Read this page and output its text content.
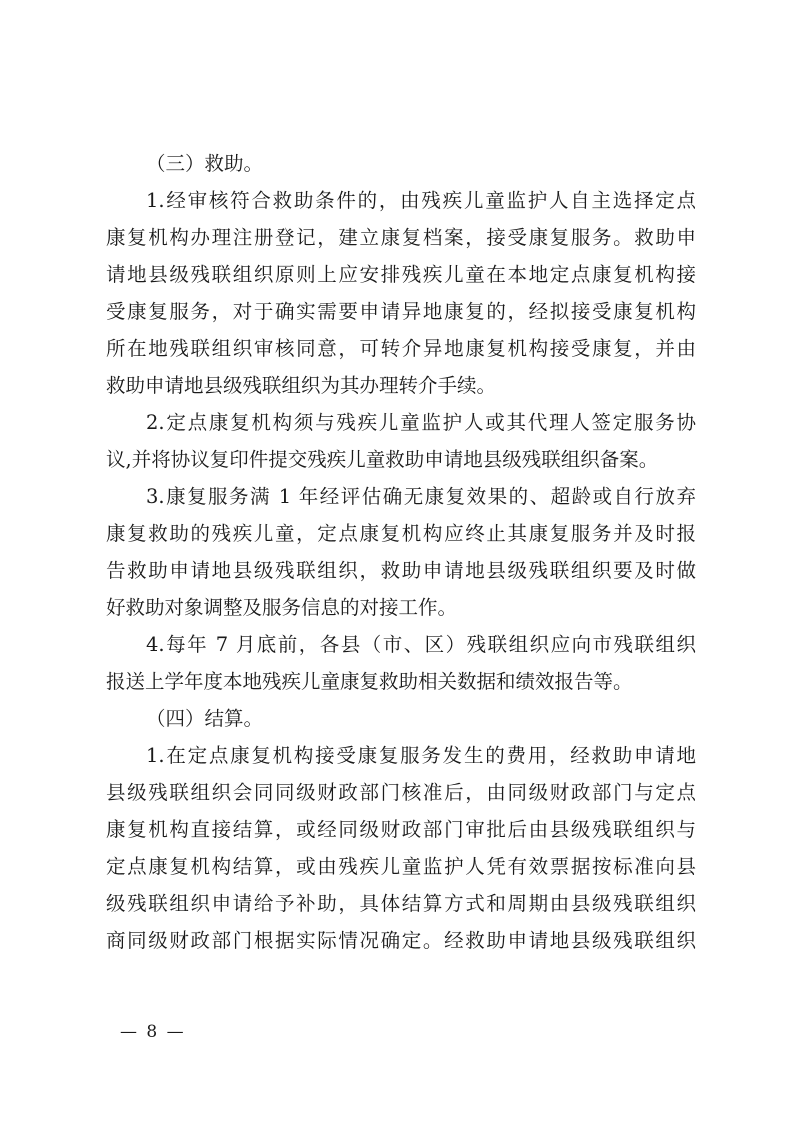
（三）救助。
1.经审核符合救助条件的，由残疾儿童监护人自主选择定点
康复机构办理注册登记，建立康复档案，接受康复服务。救助申
请地县级残联组织原则上应安排残疾儿童在本地定点康复机构接
受康复服务，对于确实需要申请异地康复的，经拟接受康复机构
所在地残联组织审核同意，可转介异地康复机构接受康复，并由
救助申请地县级残联组织为其办理转介手续。
2.定点康复机构须与残疾儿童监护人或其代理人签定服务协
议,并将协议复印件提交残疾儿童救助申请地县级残联组织备案。
3.康复服务满 1 年经评估确无康复效果的、超龄或自行放弃
康复救助的残疾儿童，定点康复机构应终止其康复服务并及时报
告救助申请地县级残联组织，救助申请地县级残联组织要及时做
好救助对象调整及服务信息的对接工作。
4.每年 7 月底前，各县（市、区）残联组织应向市残联组织
报送上学年度本地残疾儿童康复救助相关数据和绩效报告等。
（四）结算。
1.在定点康复机构接受康复服务发生的费用，经救助申请地
县级残联组织会同同级财政部门核准后，由同级财政部门与定点
康复机构直接结算，或经同级财政部门审批后由县级残联组织与
定点康复机构结算，或由残疾儿童监护人凭有效票据按标准向县
级残联组织申请给予补助，具体结算方式和周期由县级残联组织
商同级财政部门根据实际情况确定。经救助申请地县级残联组织
— 8 —
